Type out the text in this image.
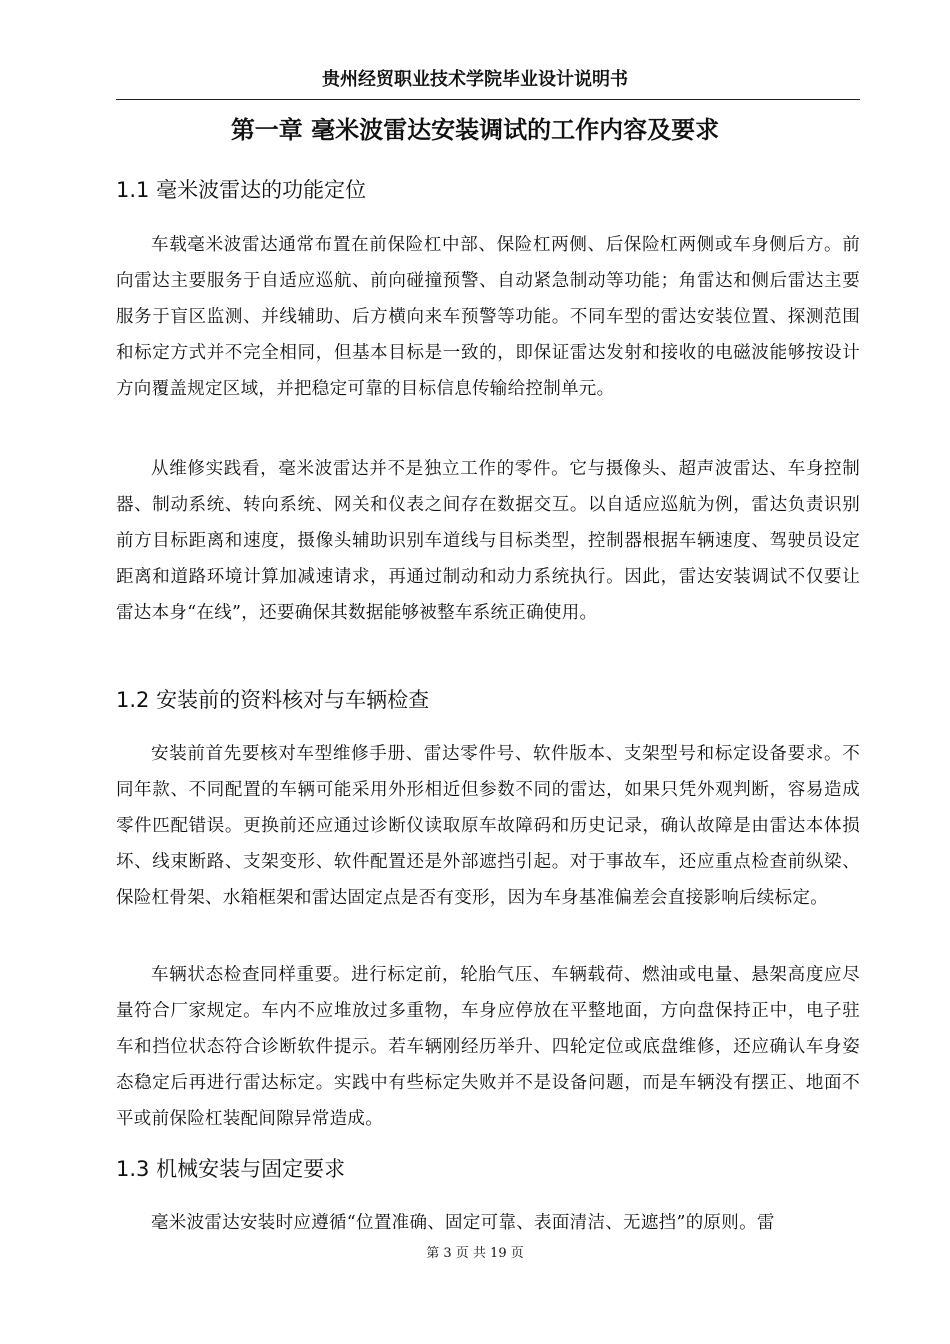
贵州经贸职业技术学院毕业设计说明书
第一章 毫米波雷达安装调试的工作内容及要求
1.1 毫米波雷达的功能定位

车载毫米波雷达通常布置在前保险杠中部、保险杠两侧、后保险杠两侧或车身侧后方。前向雷达主要服务于自适应巡航、前向碰撞预警、自动紧急制动等功能；角雷达和侧后雷达主要服务于盲区监测、并线辅助、后方横向来车预警等功能。不同车型的雷达安装位置、探测范围和标定方式并不完全相同，但基本目标是一致的，即保证雷达发射和接收的电磁波能够按设计方向覆盖规定区域，并把稳定可靠的目标信息传输给控制单元。

从维修实践看，毫米波雷达并不是独立工作的零件。它与摄像头、超声波雷达、车身控制器、制动系统、转向系统、网关和仪表之间存在数据交互。以自适应巡航为例，雷达负责识别前方目标距离和速度，摄像头辅助识别车道线与目标类型，控制器根据车辆速度、驾驶员设定距离和道路环境计算加减速请求，再通过制动和动力系统执行。因此，雷达安装调试不仅要让雷达本身“在线”，还要确保其数据能够被整车系统正确使用。

1.2 安装前的资料核对与车辆检查

安装前首先要核对车型维修手册、雷达零件号、软件版本、支架型号和标定设备要求。不同年款、不同配置的车辆可能采用外形相近但参数不同的雷达，如果只凭外观判断，容易造成零件匹配错误。更换前还应通过诊断仪读取原车故障码和历史记录，确认故障是由雷达本体损坏、线束断路、支架变形、软件配置还是外部遮挡引起。对于事故车，还应重点检查前纵梁、保险杠骨架、水箱框架和雷达固定点是否有变形，因为车身基准偏差会直接影响后续标定。

车辆状态检查同样重要。进行标定前，轮胎气压、车辆载荷、燃油或电量、悬架高度应尽量符合厂家规定。车内不应堆放过多重物，车身应停放在平整地面，方向盘保持正中，电子驻车和挡位状态符合诊断软件提示。若车辆刚经历举升、四轮定位或底盘维修，还应确认车身姿态稳定后再进行雷达标定。实践中有些标定失败并不是设备问题，而是车辆没有摆正、地面不平或前保险杠装配间隙异常造成。

1.3 机械安装与固定要求

毫米波雷达安装时应遵循“位置准确、固定可靠、表面清洁、无遮挡”的原则。雷

第 3 页 共 19 页
